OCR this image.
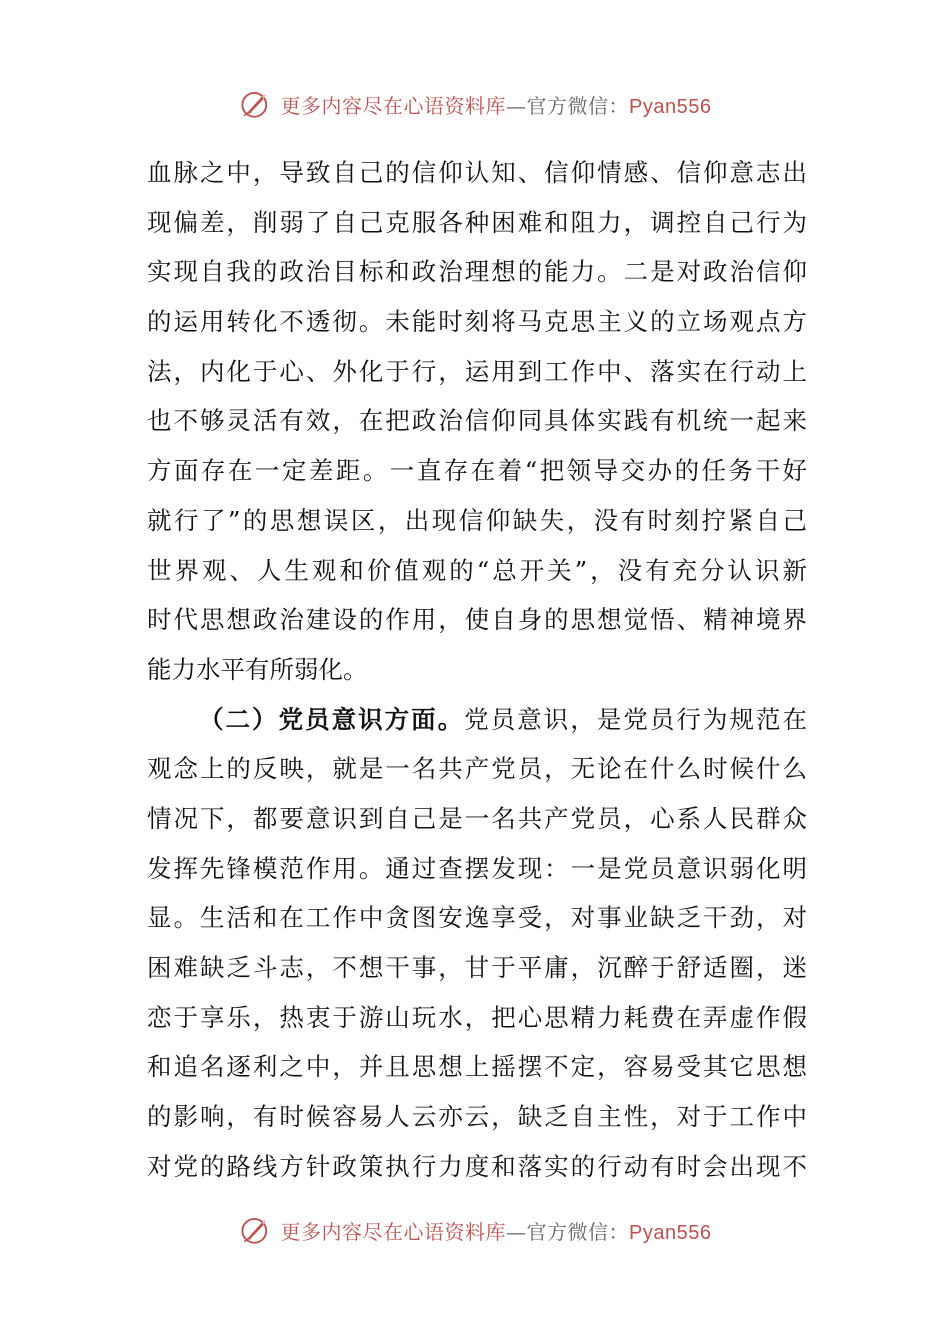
更多内容尽在心语资料库—官方微信：Pyan556
血脉之中，导致自己的信仰认知、信仰情感、信仰意志出
现偏差，削弱了自己克服各种困难和阻力，调控自己行为
实现自我的政治目标和政治理想的能力。二是对政治信仰
的运用转化不透彻。未能时刻将马克思主义的立场观点方
法，内化于心、外化于行，运用到工作中、落实在行动上
也不够灵活有效，在把政治信仰同具体实践有机统一起来
方面存在一定差距。一直存在着“把领导交办的任务干好
就行了”的思想误区，出现信仰缺失，没有时刻拧紧自己
世界观、人生观和价值观的“总开关”，没有充分认识新
时代思想政治建设的作用，使自身的思想觉悟、精神境界
能力水平有所弱化。
（二）党员意识方面。党员意识，是党员行为规范在
观念上的反映，就是一名共产党员，无论在什么时候什么
情况下，都要意识到自己是一名共产党员，心系人民群众
发挥先锋模范作用。通过查摆发现：一是党员意识弱化明
显。生活和在工作中贪图安逸享受，对事业缺乏干劲，对
困难缺乏斗志，不想干事，甘于平庸，沉醉于舒适圈，迷
恋于享乐，热衷于游山玩水，把心思精力耗费在弄虚作假
和追名逐利之中，并且思想上摇摆不定，容易受其它思想
的影响，有时候容易人云亦云，缺乏自主性，对于工作中
对党的路线方针政策执行力度和落实的行动有时会出现不
更多内容尽在心语资料库—官方微信：Pyan556
